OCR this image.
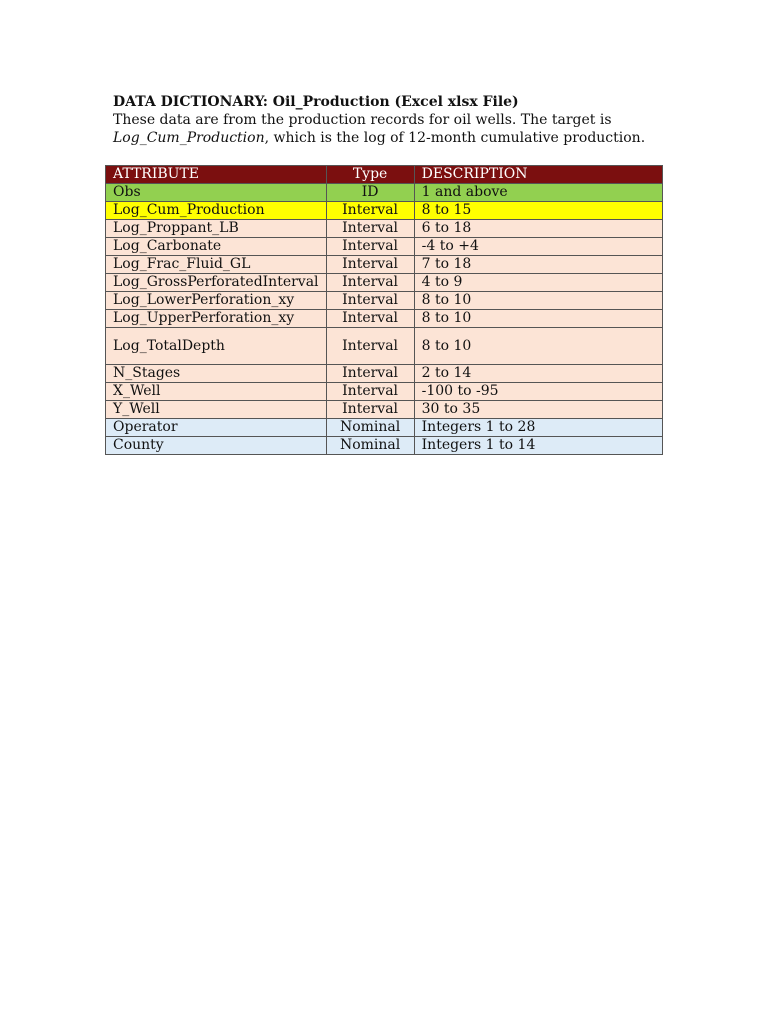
DATA DICTIONARY: Oil_Production (Excel xlsx File)

These data are from the production records for oil wells. The target is
Log_Cum_Production, which is the log of 12-month cumulative production.

ATTRIBUTE	Type	DESCRIPTION
Obs	ID	1 and above
Log_Cum_Production	Interval	8 to 15
Log_Proppant_LB	Interval	6 to 18
Log_Carbonate	Interval	-4 to +4
Log_Frac_Fluid_GL	Interval	7 to 18
Log_GrossPerforatedInterval	Interval	4 to 9
Log_LowerPerforation_xy	Interval	8 to 10
Log_UpperPerforation_xy	Interval	8 to 10
Log_TotalDepth	Interval	8 to 10
N_Stages	Interval	2 to 14
X_Well	Interval	-100 to -95
Y_Well	Interval	30 to 35
Operator	Nominal	Integers 1 to 28
County	Nominal	Integers 1 to 14
